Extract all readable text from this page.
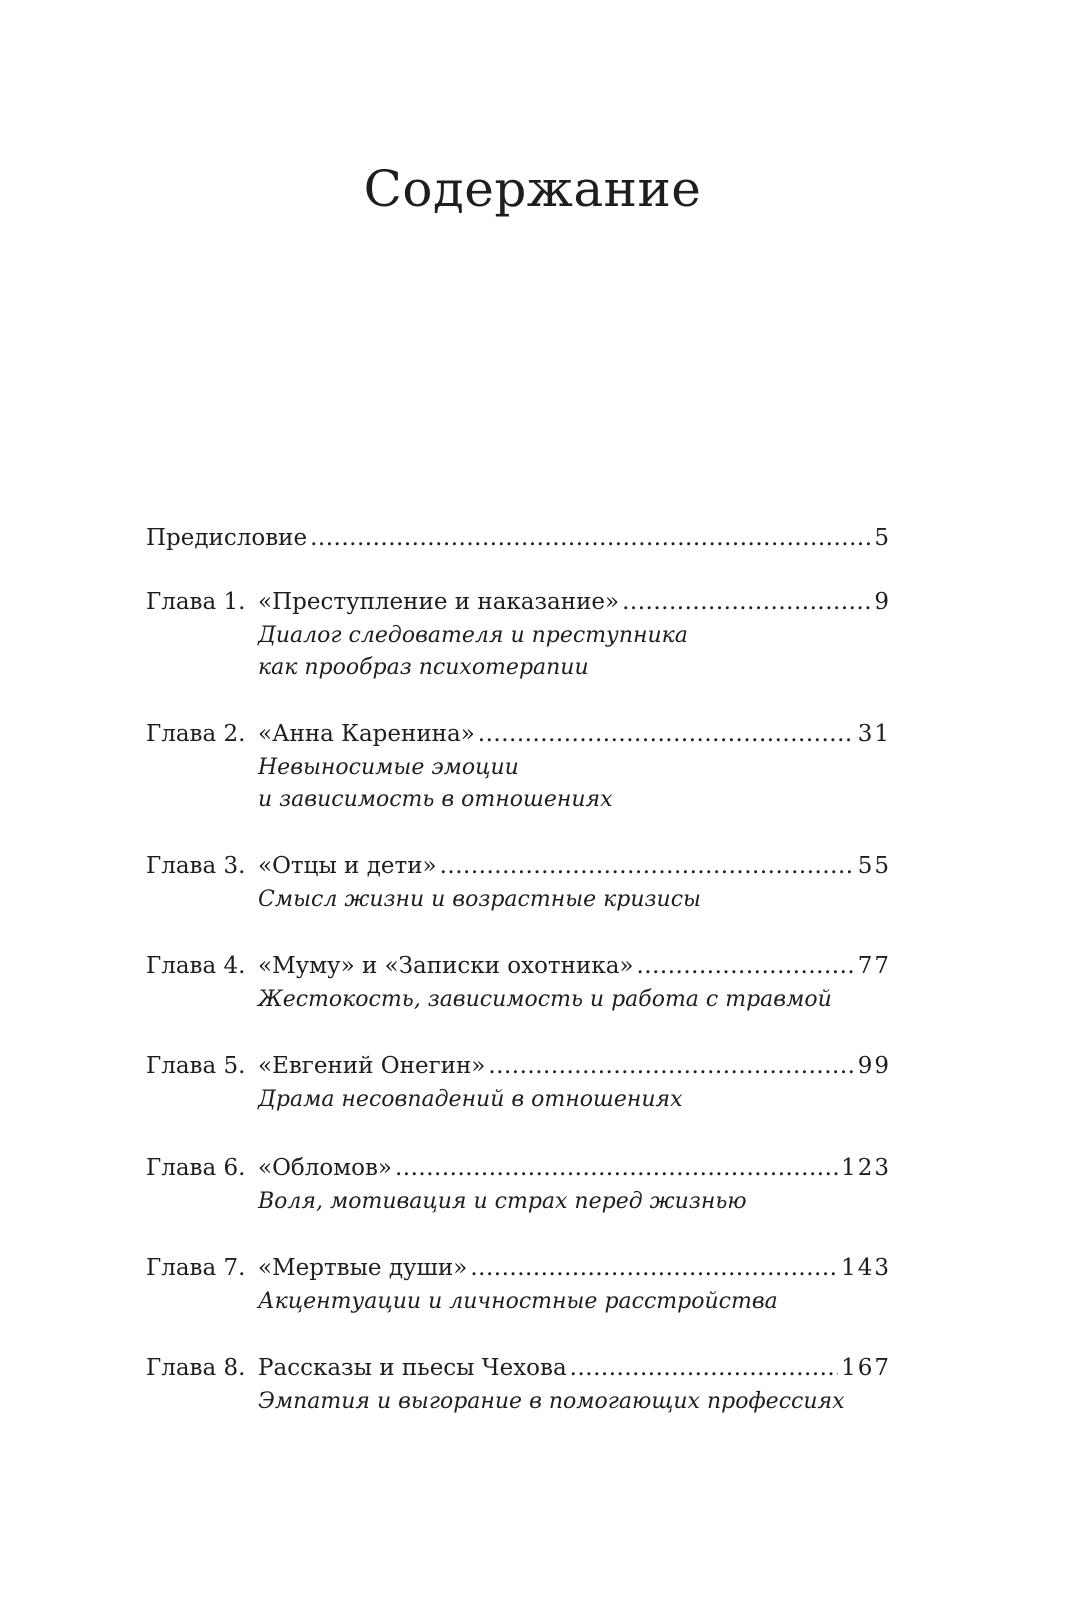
Содержание
Предисловие .....	5
Глава 1. «Преступление и наказание» .....	9
Диалог следователя и преступника
как прообраз психотерапии
Глава 2. «Анна Каренина» .....	31
Невыносимые эмоции
и зависимость в отношениях
Глава 3. «Отцы и дети» .....	55
Смысл жизни и возрастные кризисы
Глава 4. «Муму» и «Записки охотника» .....	77
Жестокость, зависимость и работа с травмой
Глава 5. «Евгений Онегин» .....	99
Драма несовпадений в отношениях
Глава 6. «Обломов» .....	123
Воля, мотивация и страх перед жизнью
Глава 7. «Мертвые души» .....	143
Акцентуации и личностные расстройства
Глава 8. Рассказы и пьесы Чехова .....	167
Эмпатия и выгорание в помогающих профессиях
